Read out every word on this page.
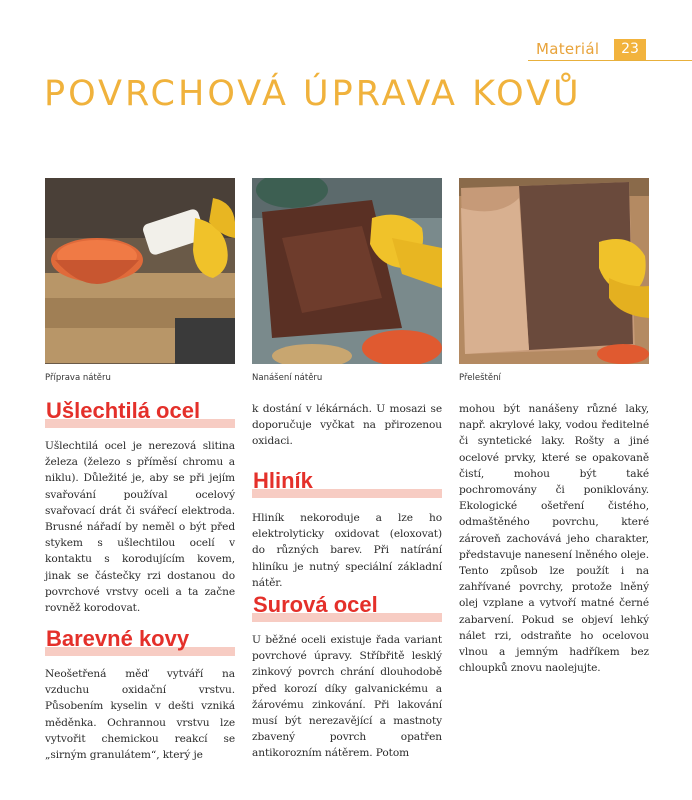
Materiál	23
POVRCHOVÁ ÚPRAVA KOVŮ
Příprava nátěru	Nanášení nátěru	Přeleštění
Ušlechtilá ocel

Ušlechtilá ocel je nerezová slitina železa (železo s příměsí chromu a niklu). Důležité je, aby se při jejím svařování používal ocelový svařovací drát či svářecí elektroda. Brusné nářadí by neměl o být před stykem s ušlechtilou ocelí v kontaktu s korodujícím kovem, jinak se částečky rzi dostanou do povrchové vrstvy oceli a ta začne rovněž korodovat.

Barevné kovy

Neošetřená měď vytváří na vzduchu oxidační vrstvu. Působením kyselin v dešti vzniká měděnka. Ochrannou vrstvu lze vytvořit chemickou reakcí se „sirným granulátem“, který je

k dostání v lékárnách. U mosazi se doporučuje vyčkat na přirozenou oxidaci.

Hliník

Hliník nekoroduje a lze ho elektrolyticky oxidovat (eloxovat) do různých barev. Při natírání hliníku je nutný speciální základní nátěr.

Surová ocel

U běžné oceli existuje řada variant povrchové úpravy. Stříbřitě lesklý zinkový povrch chrání dlouhodobě před korozí díky galvanickému a žárovému zinkování. Při lakování musí být nerezavějící a mastnoty zbavený povrch opatřen antikorozním nátěrem. Potom

mohou být nanášeny různé laky, např. akrylové laky, vodou ředitelné či syntetické laky. Rošty a jiné ocelové prvky, které se opakovaně čistí, mohou být také pochromovány či poniklovány. Ekologické ošetření čistého, odmaštěného povrchu, které zároveň zachovává jeho charakter, představuje nanesení lněného oleje. Tento způsob lze použít i na zahřívané povrchy, protože lněný olej vzplane a vytvoří matné černé zabarvení. Pokud se objeví lehký nálet rzi, odstraňte ho ocelovou vlnou a jemným hadříkem bez chloupků znovu naolejujte.
